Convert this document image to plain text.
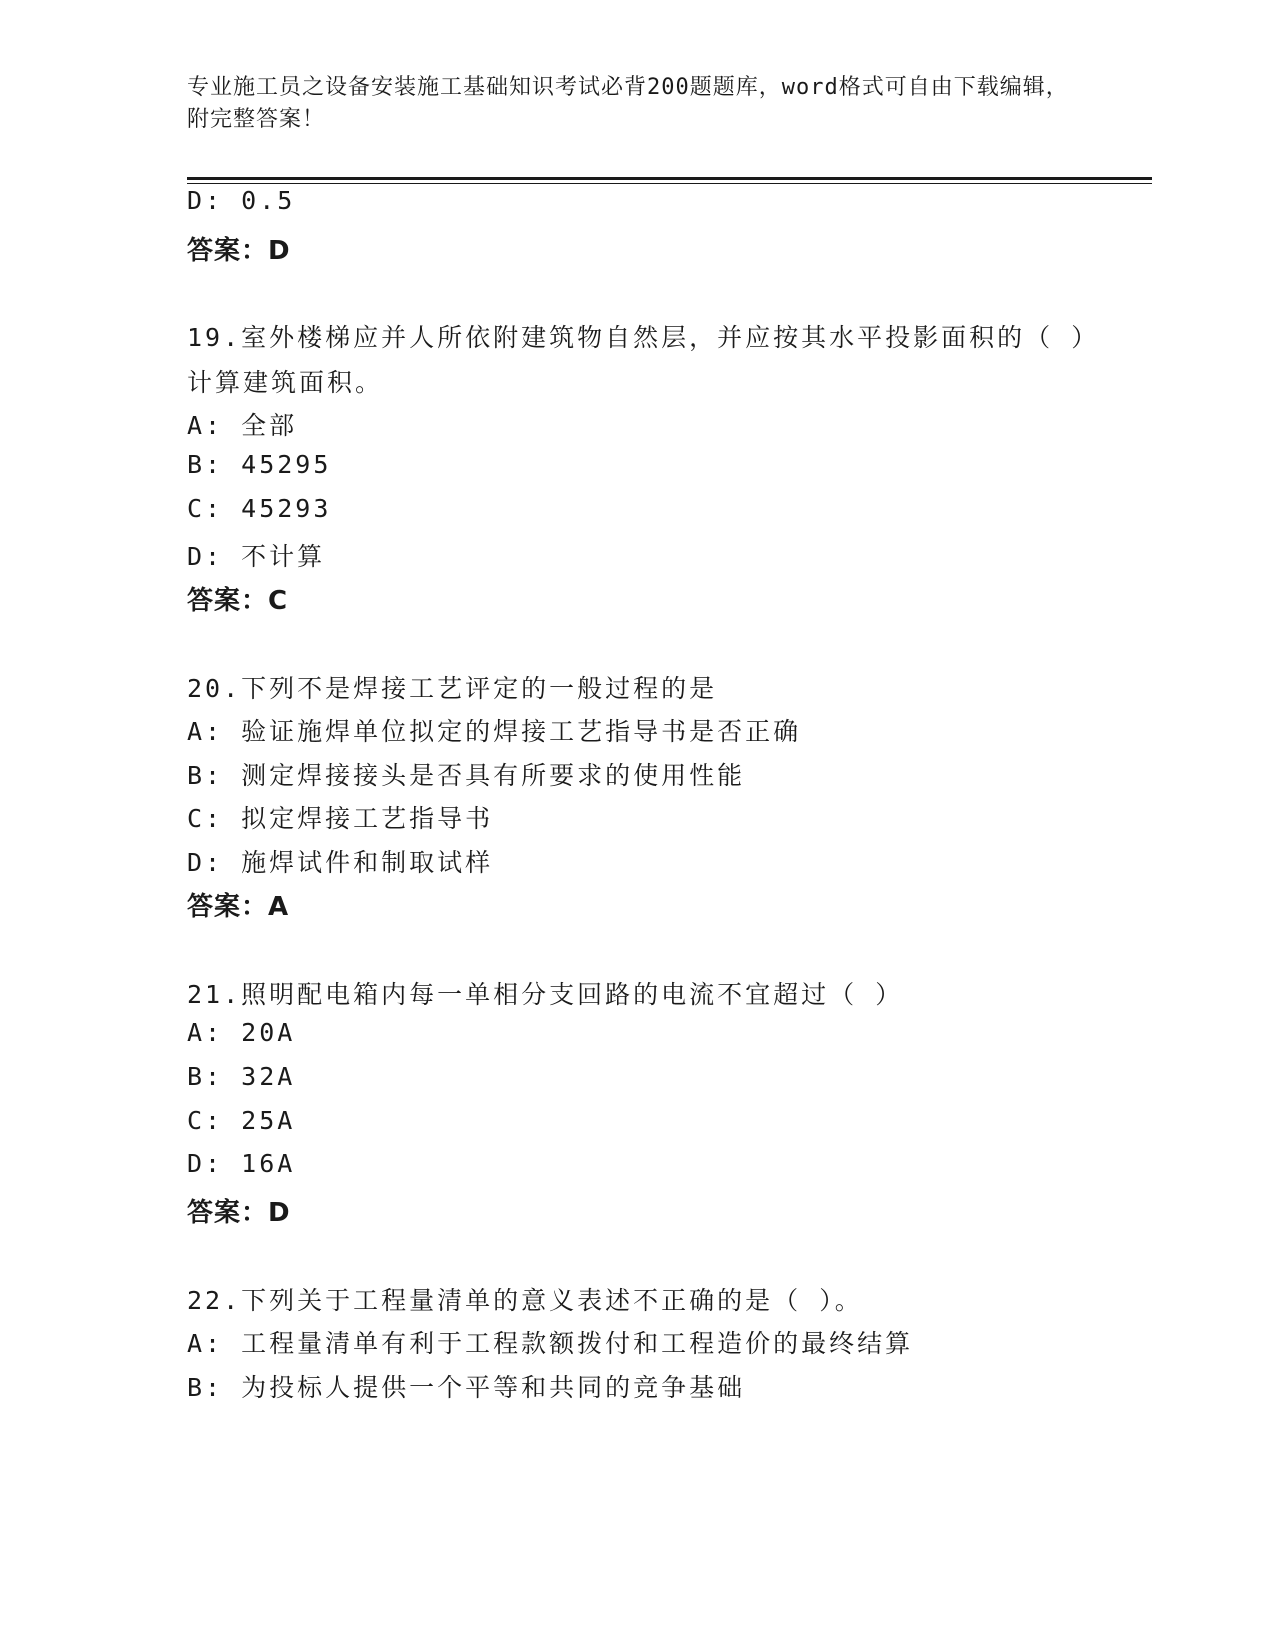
专业施工员之设备安装施工基础知识考试必背200题题库，word格式可自由下载编辑，附完整答案！
D: 0.5
答案：D
19.室外楼梯应并人所依附建筑物自然层，并应按其水平投影面积的（ ）计算建筑面积。
A: 全部
B: 45295
C: 45293
D: 不计算
答案：C
20.下列不是焊接工艺评定的一般过程的是
A: 验证施焊单位拟定的焊接工艺指导书是否正确
B: 测定焊接接头是否具有所要求的使用性能
C: 拟定焊接工艺指导书
D: 施焊试件和制取试样
答案：A
21.照明配电箱内每一单相分支回路的电流不宜超过（ ）
A: 20A
B: 32A
C: 25A
D: 16A
答案：D
22.下列关于工程量清单的意义表述不正确的是（ ）。
A: 工程量清单有利于工程款额拨付和工程造价的最终结算
B: 为投标人提供一个平等和共同的竞争基础
